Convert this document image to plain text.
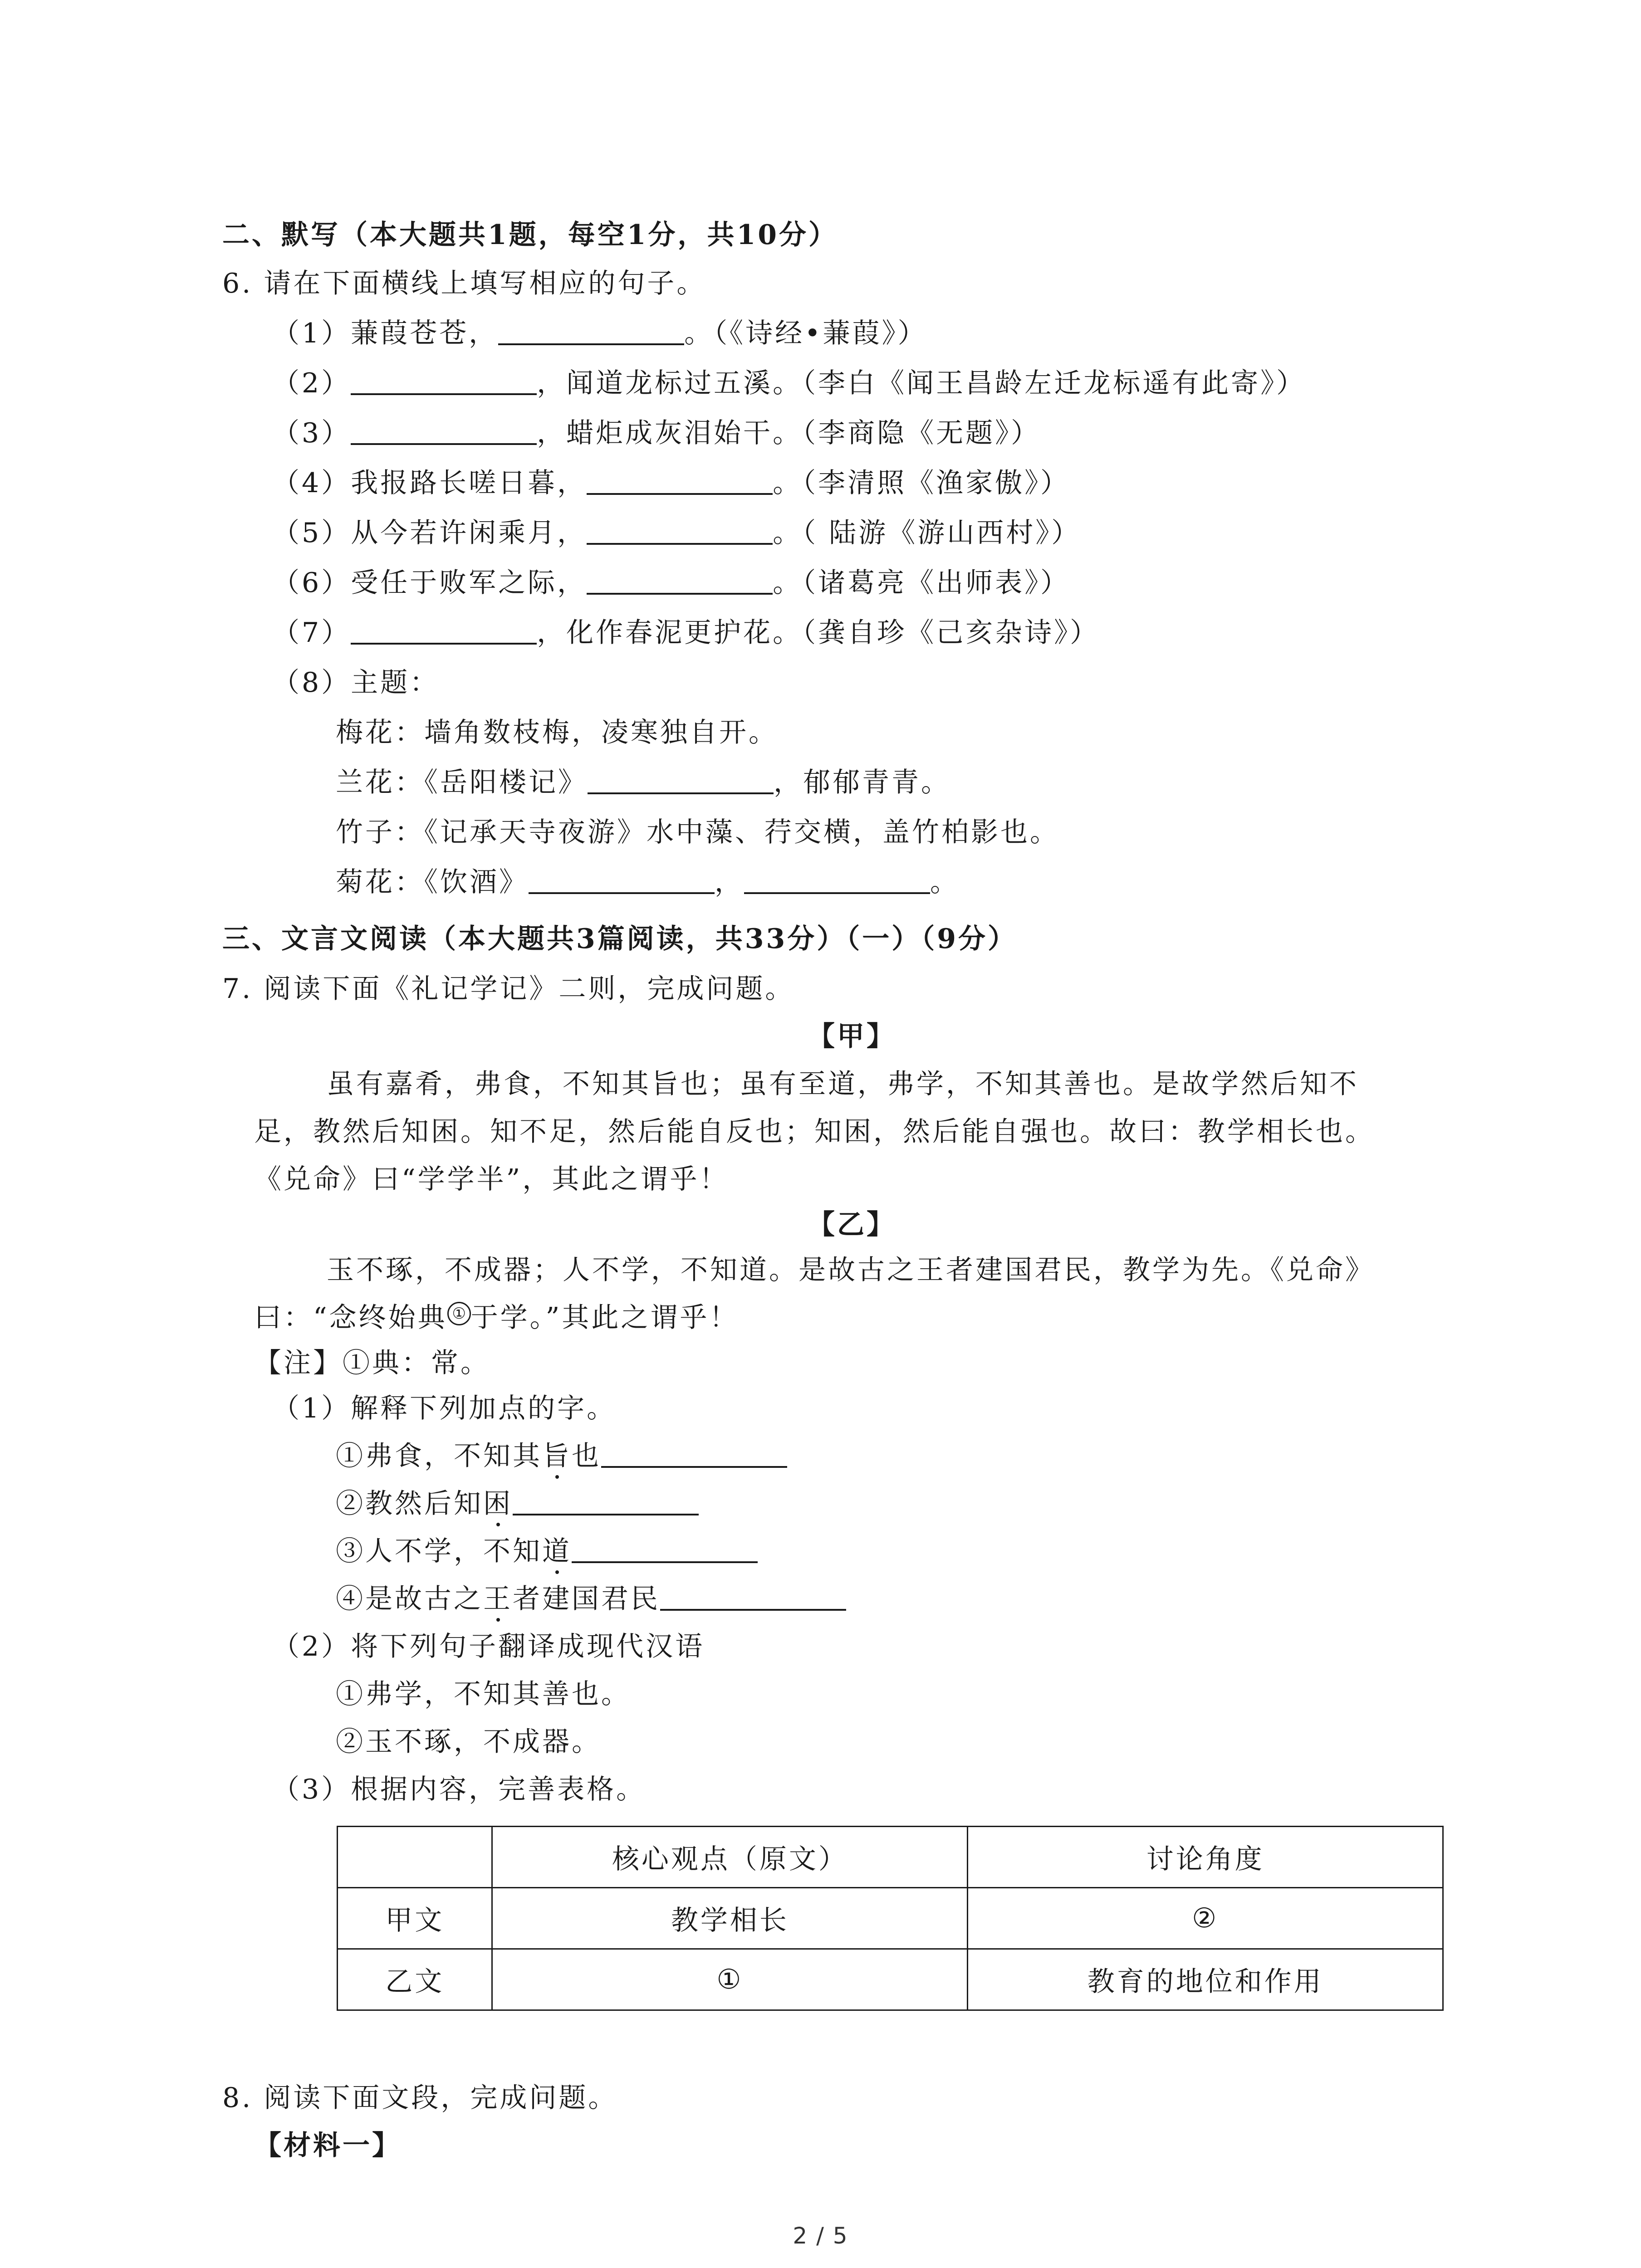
二、默写（本大题共1题，每空1分，共10分）
6. 请在下面横线上填写相应的句子。
（1）蒹葭苍苍，	。（《诗经•蒹葭》）
（2）	，闻道龙标过五溪。（李白《闻王昌龄左迁龙标遥有此寄》）
（3）	，蜡炬成灰泪始干。（李商隐《无题》）
（4）我报路长嗟日暮，	。（李清照《渔家傲》）
（5）从今若许闲乘月，	。（ 陆游《游山西村》）
（6）受任于败军之际，	。（诸葛亮《出师表》）
（7）	，化作春泥更护花。（龚自珍《己亥杂诗》）
（8）主题：
梅花：墙角数枝梅，凌寒独自开。
兰花：《岳阳楼记》	，郁郁青青。
竹子：《记承天寺夜游》水中藻、荇交横，盖竹柏影也。
菊花：《饮酒》	，	。
三、文言文阅读（本大题共3篇阅读，共33分）（一）（9分）
7. 阅读下面《礼记学记》二则，完成问题。
【甲】
虽有嘉肴，弗食，不知其旨也；虽有至道，弗学，不知其善也。是故学然后知不
足，教然后知困。知不足，然后能自反也；知困，然后能自强也。故曰：教学相长也。
《兑命》曰“学学半”，其此之谓乎！
【乙】
玉不琢，不成器；人不学，不知道。是故古之王者建国君民，教学为先。《兑命》
曰：“念终始典 ① 于学。”其此之谓乎！
【注】①典：常。
（1）解释下列加点的字。
①弗食，不知其旨也
②教然后知困
③人不学，不知道
④是故古之王者建国君民
（2）将下列句子翻译成现代汉语
①弗学，不知其善也。
②玉不琢，不成器。
（3）根据内容，完善表格。
	核心观点（原文）	讨论角度
甲文	教学相长	②
乙文	①	教育的地位和作用
8. 阅读下面文段，完成问题。
【材料一】
2 / 5
